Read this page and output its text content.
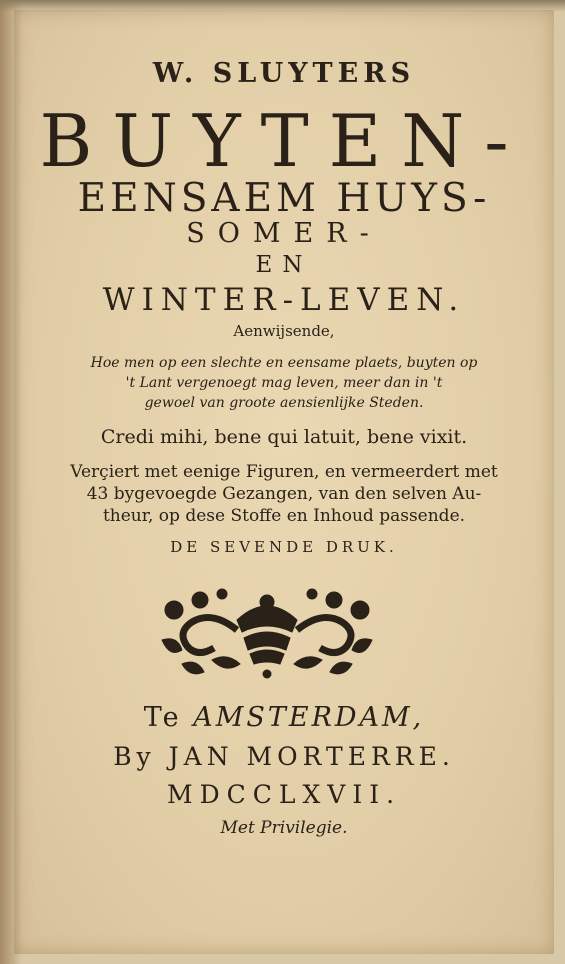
W. SLUYTERS
BUYTEN-
EENSAEM HUYS-
SOMER-
EN
WINTER-LEVEN.
Aenwijsende,
Hoe men op een slechte en eensame plaets, buyten op
't Lant vergenoegt mag leven, meer dan in 't
gewoel van groote aensienlijke Steden.
Credi mihi, bene qui latuit, bene vixit.
Verçiert met eenige Figuren, en vermeerdert met
43 bygevoegde Gezangen, van den selven Au-
theur, op dese Stoffe en Inhoud passende.
DE SEVENDE DRUK.
Te AMSTERDAM,
By JAN MORTERRE.
MDCCLXVII.
Met Privilegie.
